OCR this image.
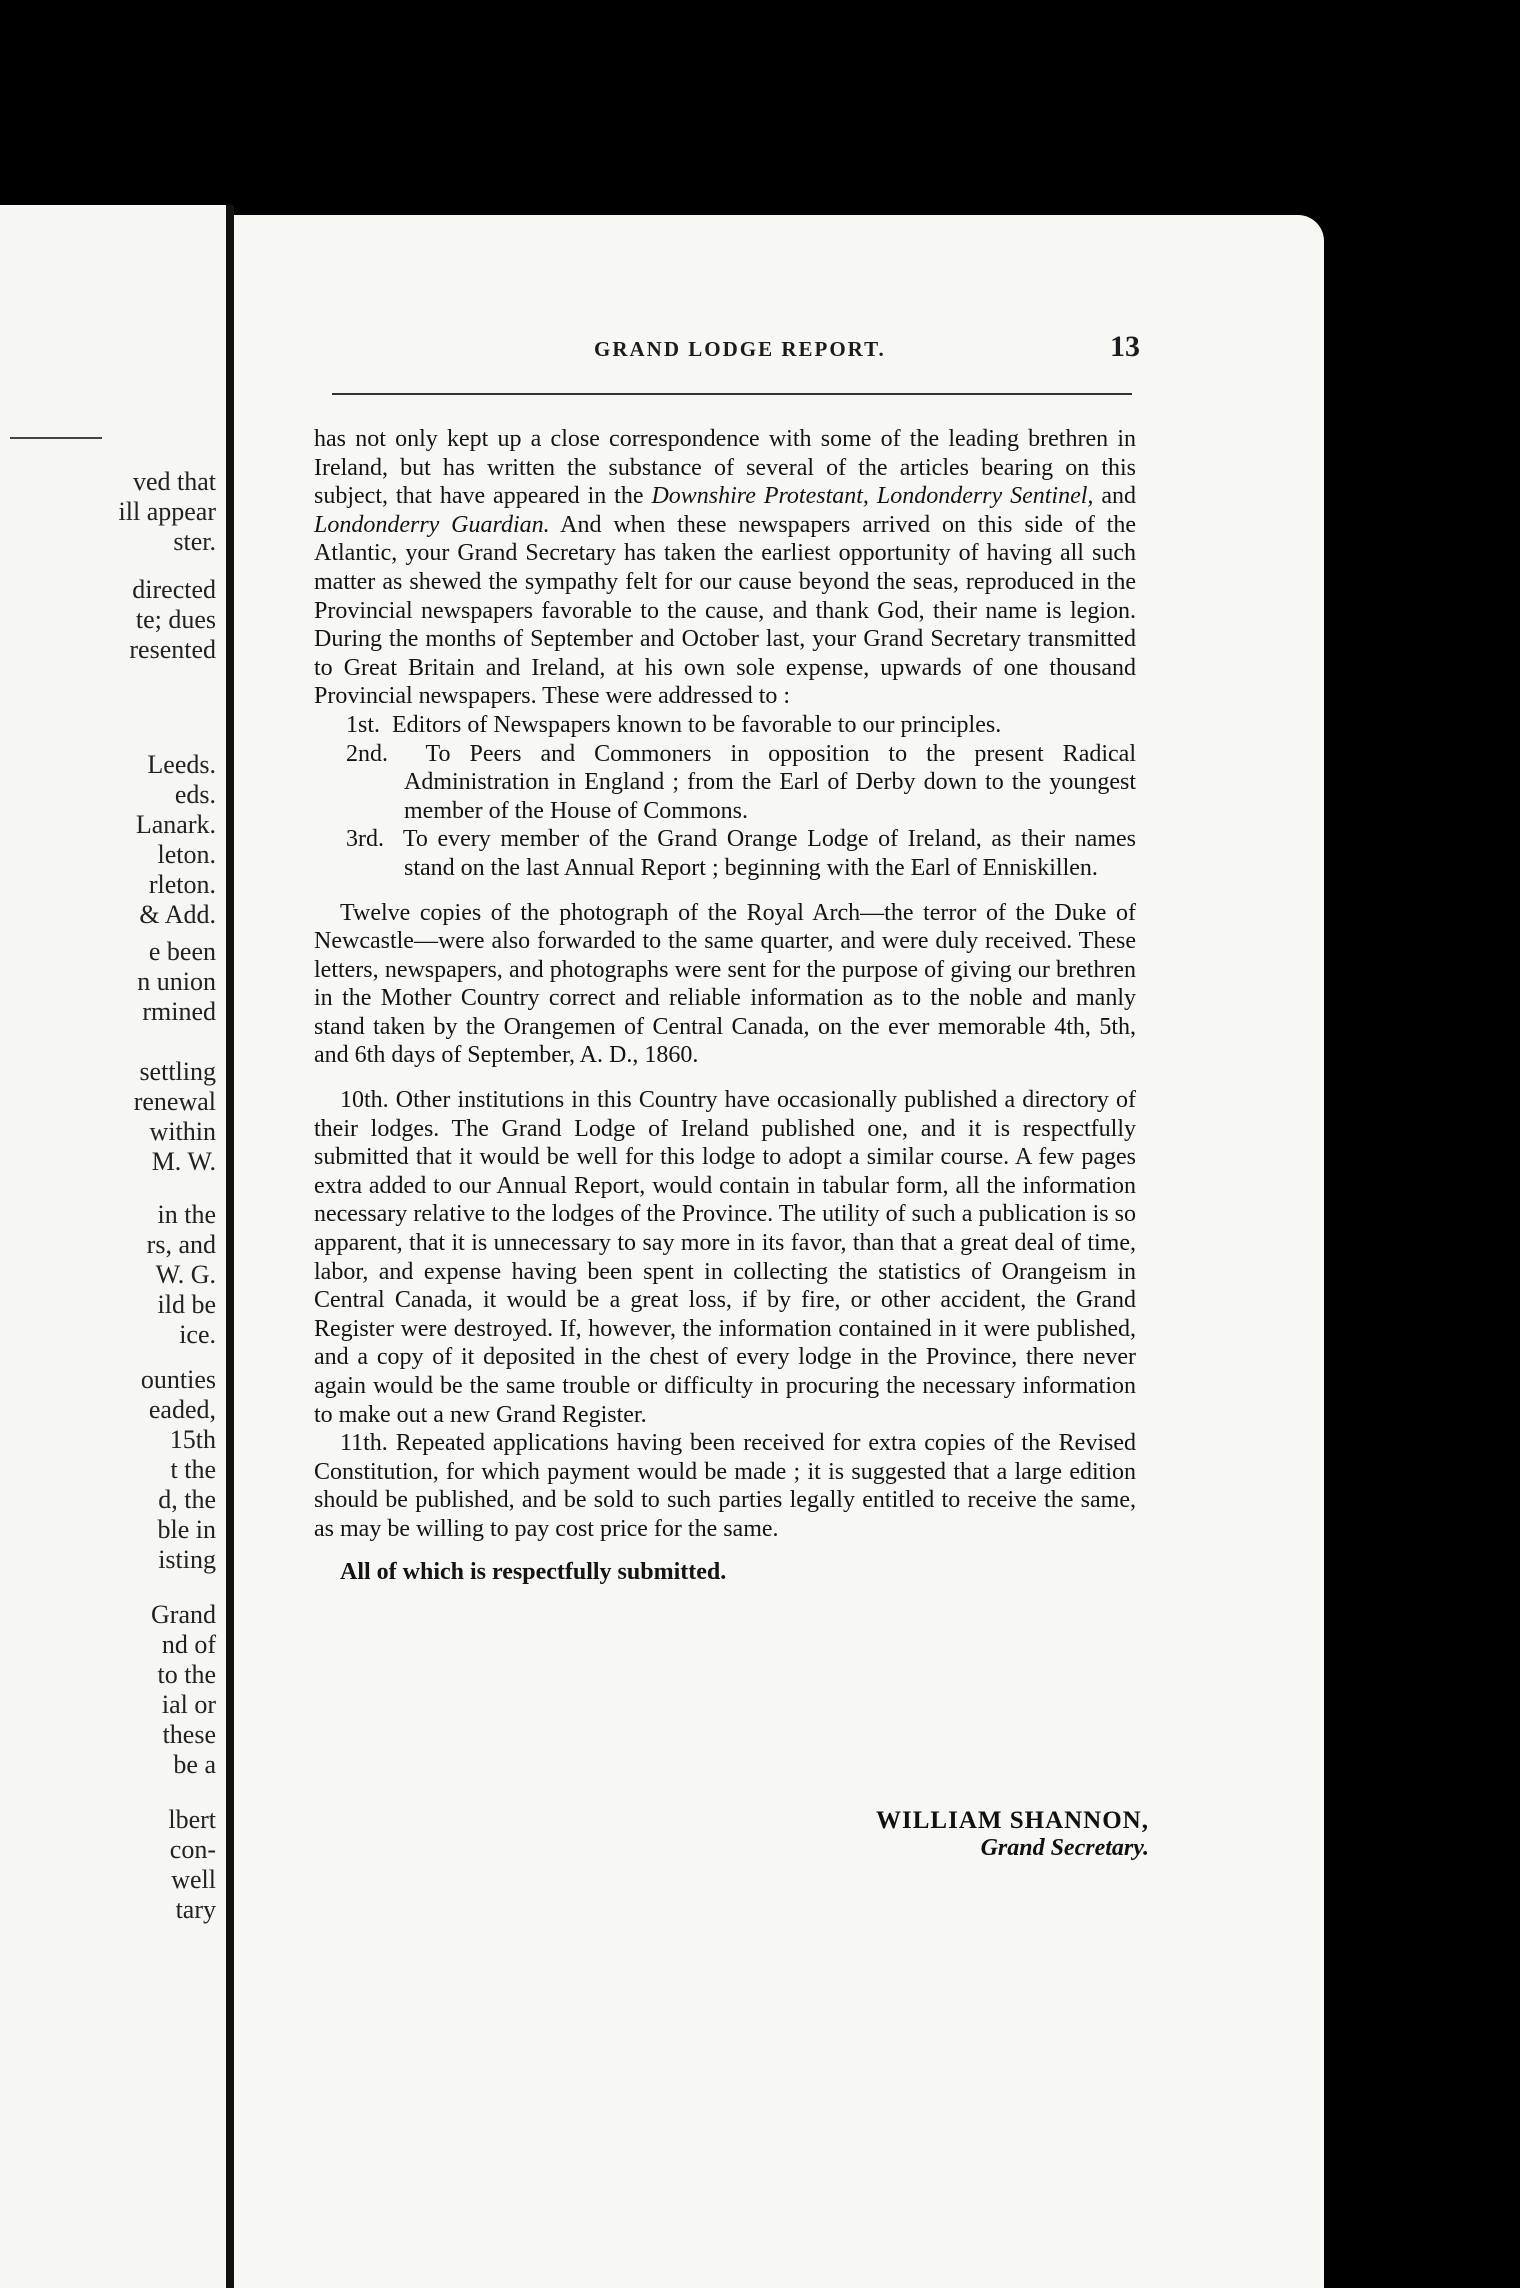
ved that
ill appear
ster.
directed
te; dues
resented
Leeds.
eds.
Lanark.
leton.
rleton.
& Add.
e been
n union
rmined
settling
renewal
within
M. W.
in the
rs, and
W. G.
ild be
ice.
ounties
eaded,
15th
t the
d, the
ble in
isting
Grand
nd of
to the
ial or
these
be a
lbert
con-
well
tary
GRAND LODGE REPORT.	13

has not only kept up a close correspondence with some of the leading brethren in Ireland, but has written the substance of several of the articles bearing on this subject, that have appeared in the Downshire Protestant, Londonderry Sentinel, and Londonderry Guardian. And when these newspapers arrived on this side of the Atlantic, your Grand Secretary has taken the earliest opportunity of having all such matter as shewed the sympathy felt for our cause beyond the seas, reproduced in the Provincial newspapers favorable to the cause, and thank God, their name is legion. During the months of September and October last, your Grand Secretary transmitted to Great Britain and Ireland, at his own sole expense, upwards of one thousand Provincial newspapers. These were addressed to :

1st. Editors of Newspapers known to be favorable to our principles.

2nd. To Peers and Commoners in opposition to the present Radical Administration in England ; from the Earl of Derby down to the youngest member of the House of Commons.

3rd. To every member of the Grand Orange Lodge of Ireland, as their names stand on the last Annual Report ; beginning with the Earl of Enniskillen.

Twelve copies of the photograph of the Royal Arch—the terror of the Duke of Newcastle—were also forwarded to the same quarter, and were duly received. These letters, newspapers, and photographs were sent for the purpose of giving our brethren in the Mother Country correct and reliable information as to the noble and manly stand taken by the Orangemen of Central Canada, on the ever memorable 4th, 5th, and 6th days of September, A. D., 1860.

10th. Other institutions in this Country have occasionally published a directory of their lodges. The Grand Lodge of Ireland published one, and it is respectfully submitted that it would be well for this lodge to adopt a similar course. A few pages extra added to our Annual Report, would contain in tabular form, all the information necessary relative to the lodges of the Province. The utility of such a publication is so apparent, that it is unnecessary to say more in its favor, than that a great deal of time, labor, and expense having been spent in collecting the statistics of Orangeism in Central Canada, it would be a great loss, if by fire, or other accident, the Grand Register were destroyed. If, however, the information contained in it were published, and a copy of it deposited in the chest of every lodge in the Province, there never again would be the same trouble or difficulty in procuring the necessary information to make out a new Grand Register.

11th. Repeated applications having been received for extra copies of the Revised Constitution, for which payment would be made ; it is suggested that a large edition should be published, and be sold to such parties legally entitled to receive the same, as may be willing to pay cost price for the same.

All of which is respectfully submitted.

WILLIAM SHANNON,
Grand Secretary.
